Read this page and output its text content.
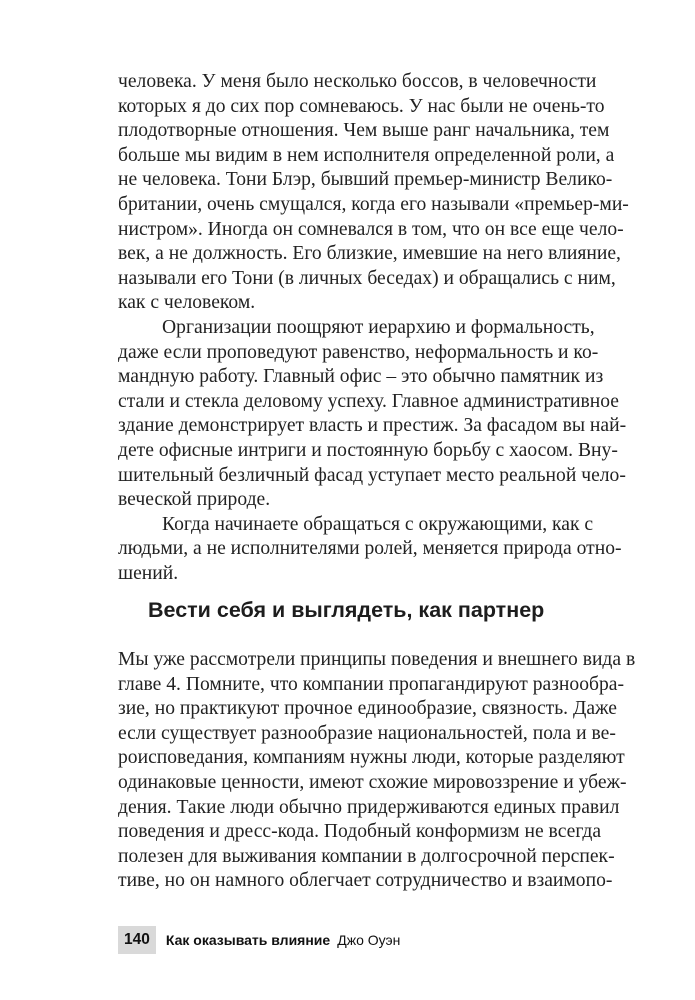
человека. У меня было несколько боссов, в человечности
которых я до сих пор сомневаюсь. У нас были не очень-то
плодотворные отношения. Чем выше ранг начальника, тем
больше мы видим в нем исполнителя определенной роли, а
не человека. Тони Блэр, бывший премьер-министр Велико-
британии, очень смущался, когда его называли «премьер-ми-
нистром». Иногда он сомневался в том, что он все еще чело-
век, а не должность. Его близкие, имевшие на него влияние,
называли его Тони (в личных беседах) и обращались с ним,
как с человеком.
Организации поощряют иерархию и формальность,
даже если проповедуют равенство, неформальность и ко-
мандную работу. Главный офис – это обычно памятник из
стали и стекла деловому успеху. Главное административное
здание демонстрирует власть и престиж. За фасадом вы най-
дете офисные интриги и постоянную борьбу с хаосом. Вну-
шительный безличный фасад уступает место реальной чело-
веческой природе.
Когда начинаете обращаться с окружающими, как с
людьми, а не исполнителями ролей, меняется природа отно-
шений.
Вести себя и выглядеть, как партнер
Мы уже рассмотрели принципы поведения и внешнего вида в
главе 4. Помните, что компании пропагандируют разнообра-
зие, но практикуют прочное единообразие, связность. Даже
если существует разнообразие национальностей, пола и ве-
роисповедания, компаниям нужны люди, которые разделяют
одинаковые ценности, имеют схожие мировоззрение и убеж-
дения. Такие люди обычно придерживаются единых правил
поведения и дресс-кода. Подобный конформизм не всегда
полезен для выживания компании в долгосрочной перспек-
тиве, но он намного облегчает сотрудничество и взаимопо-
140	Как оказывать влияние Джо Оуэн
